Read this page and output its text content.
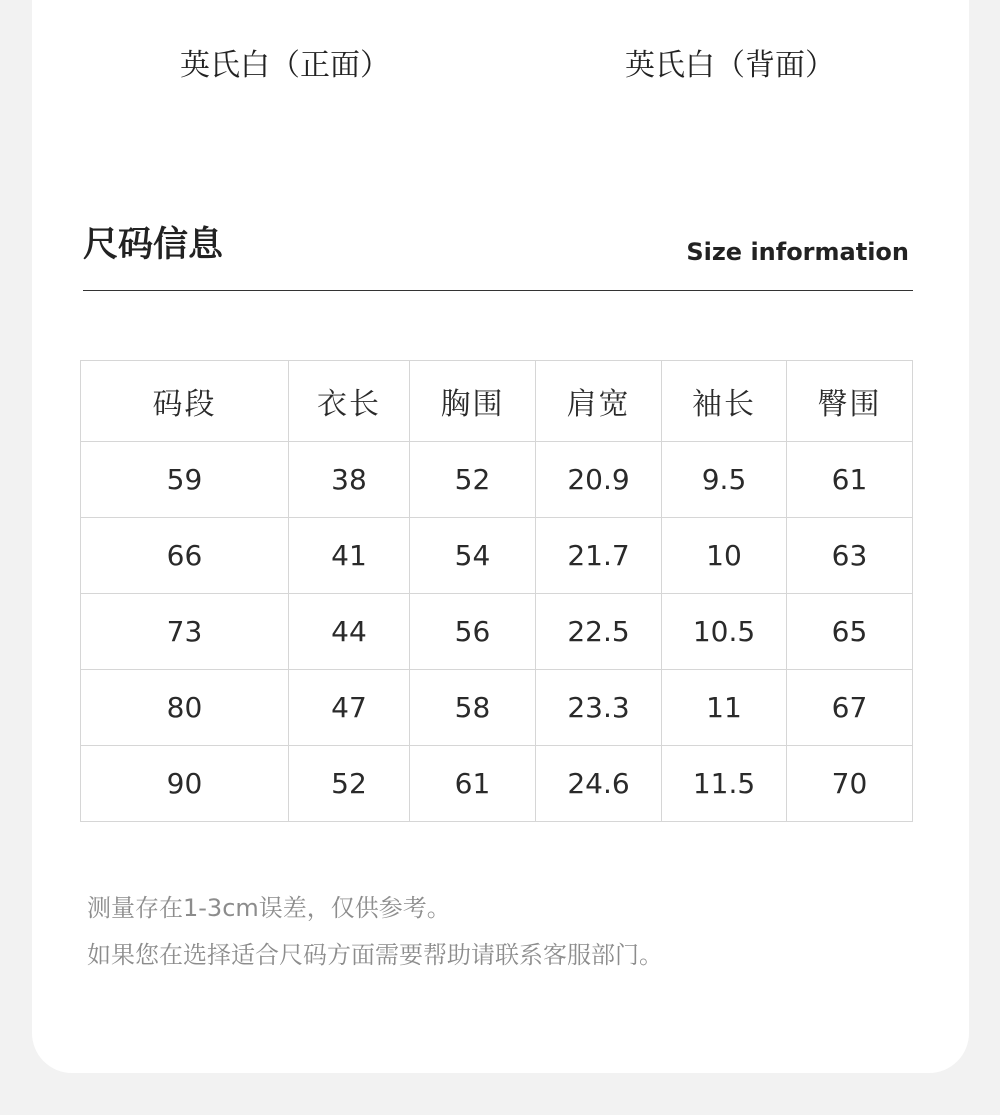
英氏白（正面）	英氏白（背面）
尺码信息	Size information
码段	衣长	胸围	肩宽	袖长	臀围
59	38	52	20.9	9.5	61
66	41	54	21.7	10	63
73	44	56	22.5	10.5	65
80	47	58	23.3	11	67
90	52	61	24.6	11.5	70
测量存在1-3cm误差，仅供参考。
如果您在选择适合尺码方面需要帮助请联系客服部门。
